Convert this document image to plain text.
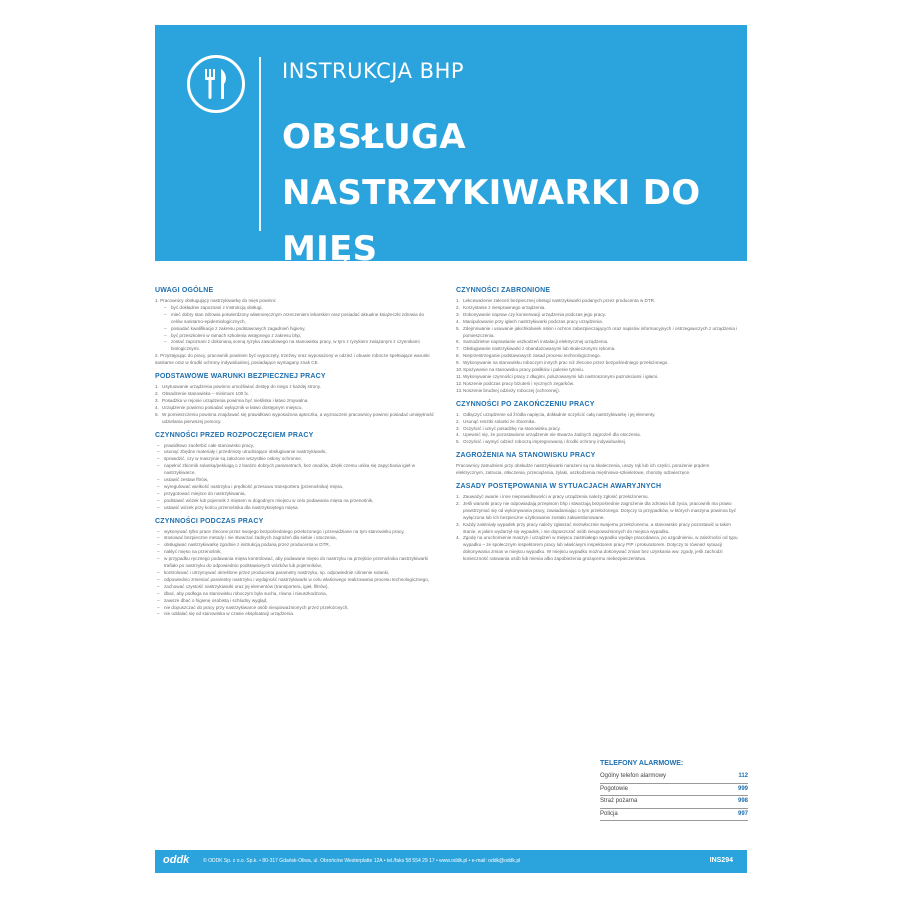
INSTRUKCJA BHP
OBSŁUGA
NASTRZYKIWARKI DO MIĘS
UWAGI OGÓLNE

1. Pracownicy obsługujący nastrzykiwarkę do mięs powinni:

– być dokładnie zapoznani z instrukcją obsługi,
– mieć dobry stan zdrowia potwierdzony własnoręcznym orzeczeniem lekarskim oraz posiadać aktualne książeczki zdrowia do celów sanitarno-epidemiologicznych,
– posiadać kwalifikacje z zakresu podstawowych zagadnień higieny,
– być przeszkoleni w ramach szkolenia wstępnego z zakresu bhp,
– zostać zapoznani z dokonaną oceną ryzyka zawodowego na stanowisku pracy, w tym z ryzykiem związanym z czynnikami biologicznymi.

2. Przystępując do pracy, pracownik powinien być wypoczęty, trzeźwy oraz wyposażony w odzież i obuwie robocze spełniające warunki sanitarne oraz w środki ochrony indywidualnej, posiadające wymagany znak CE.

PODSTAWOWE WARUNKI BEZPIECZNEJ PRACY
1. Usytuowanie urządzenia powinno umożliwiać dostęp do niego z każdej strony.
2. Obsadzenie stanowiska – minimum 100 lx.
3. Posadzka w rejonie urządzenia powinna być nieśliska i łatwo zmywalna.
4. Urządzenie powinno posiadać wyłącznik w łatwo dostępnym miejscu.
5. W pomieszczeniu powinna znajdować się prawidłowo wyposażona apteczka, a wyznaczeni pracownicy powinni posiadać umiejętność udzielania pierwszej pomocy.
CZYNNOŚCI PRZED ROZPOCZĘCIEM PRACY
– prawidłowo zaoferbić całe stanowisko pracy,
– usunąć zbędne materiały i przedmioty utrudniające obsługiwanie nastrzykiwarki,
– sprawdzić, czy w maszynie są założone wszystkie osłony ochronne,
– napełnić zbiornik solanką/pekluigą o z bardzo dobrych parametrach, bez osadów, dzięki czemu unika się zapychania igieł w nastrzykiwarce,
– ustawić zestaw fltrów,
– wyregulować wielkość nastrzyku i prędkość przesuwu transportera (przenośnika) mięsa,
– przygotować miejsce do nastrzykiwania,
– podstawić wózek lub pojemnik z mięsem w dogodnym miejscu w celu podawania mięsa na przenośnik,
– ustawić wózek przy końcu przenośnika dla nastrzykniętego mięsa.
CZYNNOŚCI PODCZAS PRACY
– wykonywać tylko prace zlecone przez swojego bezpośredniego przełożonego i przewidziane na tym stanowisku pracy,
– stosować bezpieczne metody i nie stwarzać żadnych zagrożeń dla siebie i otoczenia,
– obsługiwać nastrzykiwarkę zgodnie z instrukcją podaną przez producenta w DTR,
– nakłyć mięso na przenośnik,
– w przypadku ręcznego podawania mięsa kontrolować, aby podawane mięso do nastrzyku na przejście przenośnika nastrzykiwarki trafiało po nastrzyku do odpowiednio podstawionych wózków lub pojemników,
– kontrolować i utrzymywać określone przez producenta parametry nastrzyku, np. odpowiednie ciśnienie solanki,
– odpowiednio zmieniać parametry nastrzyku i wydajność nastrzykiwarki w celu właściwego realizowania procesu technologicznego,
– zachować czystość nastrzykiwarki oraz jej elementów (transportera, igieł, filtrów),
– dbać, aby podłoga na stanowisku roboczym była sucha, równa i nieuszkodzona,
– zawsze dbać o higienę osobistą i schludny wygląd,
– nie dopuszczać do pracy przy nastrzykiwarce osób nieupoważnionych przez przełożonych,
– nie oddalać się od stanowiska w czasie eksploatacji urządzenia.
CZYNNOŚCI ZABRONIONE
1. Lekceważenie zaleceń bezpiecznej obsługi nastrzykiwarki podanych przez producenta w DTR.
2. Korzystanie z niesprawnego urządzenia.
3. Dokonywanie napraw czy konserwacji urządzenia podczas jego pracy.
4. Manipulowanie przy igłach nastrzykiwarki podczas pracy urządzenia.
5. Zdejmowanie i usuwanie jakichkolwiek osłon i ochron zabezpieczających oraz napisów informacyjnych i ostrzegawczych z urządzenia i pomieszczenia.
6. Samodzielne naprawianie uszkodzeń instalacji elektrycznej urządzenia.
7. Obsługiwanie nastrzykiwarki z obandażowanymi lub skaleczonymi rękoma.
8. Nieprzestrzeganie podstawowych zasad procesu technologicznego.
9. Wykonywanie na stanowisku roboczym innych prac niż zlecone przez bezpośredniego przełożonego.
10. Spożywanie na stanowisku pracy posiłków i palenie tytoniu.
11. Wykonywanie czynności pracy z długimi, poluzowanymi lub nastroszonymi paznokciami i igłami.
12. Noszenie podczas pracy biżuterii i ręcznych zegarków.
13. Noszenie brudnej odzieży roboczej (ochronnej).
CZYNNOŚCI PO ZAKOŃCZENIU PRACY
1. Odłączyć urządzenie od źródła napięcia, dokładnie oczyścić całą nastrzykiwarkę i jej elementy.
2. Usunąć resztki solanki ze zbiornika.
3. Oczyścić i umyć posadzkę na stanowisku pracy.
4. Upewnić się, że pozostawione urządzenie nie stwarza żadnych zagrożeń dla otoczenia.
5. Oczyścić i wymyć odzież roboczą impregnowaną i środki ochrony indywidualnej.
ZAGROŻENIA NA STANOWISKU PRACY

Pracownicy zatrudnieni przy obsłudze nastrzykiwarki narażeni są na skaleczenia, urazy rąk lub ich części, porażenie prądem elektrycznym, zatrucia, otłuczenia, przeciążenia, żylaki, uszkodzenia mięśniowo-szkieletowe, choroby odzwierzęce.

ZASADY POSTĘPOWANIA W SYTUACJACH AWARYJNYCH
1. Zauważyć awarie i inne nieprawidłowości w pracy urządzenia należy zgłosić przełożonemu.
2. Jeśli warunki pracy nie odpowiadają przepisom bhp i stwarzają bezpośrednie zagrożenie dla zdrowia lub życia, pracownik ma prawo powstrzymać się od wykonywania pracy, zawiadamiając o tym przełożonego. Dotyczy to przypadków, w których maszyna powinna być wyłączona lub ich bezpieczne użytkowanie zostało zakwestionowane.
3. Każdy zaistniały wypadek przy pracy należy zgłaszać niezwłocznie swojemu przełożonemu, a stanowisko pracy pozostawić w takim stanie, w jakim wydarzył się wypadek, i nie dopuszczać osób nieupoważnionych do miejsca wypadku.
4. Zgodę na uruchomienie maszyn i urządzeń w miejscu zaistniałego wypadku wydaje pracodawca, po uzgodnieniu, w zależności od typu wypadku – ze społecznym inspektorem pracy lub właściwym inspektorem pracy PIP i prokuratorem. Dotyczy to również sytuacji dokonywania zmian w miejscu wypadku. W miejscu wypadku można dokonywać zmian bez uzyskania ww. zgody, jeśli zachodzi konieczność ratowania osób lub mienia albo zapobieżenia grożącemu niebezpieczeństwu.
TELEFONY ALARMOWE:
Ogólny telefon alarmowy	112
Pogotowie	999
Straż pożarna	998
Policja	997
oddk	© ODDK Sp. z o.o. Sp.k. • 80-317 Gdańsk-Oliwa, ul. Obrońców Westerplatte 12A • tel./faks 58 554 29 17 • www.oddk.pl • e-mail: oddk@oddk.pl	INS294
